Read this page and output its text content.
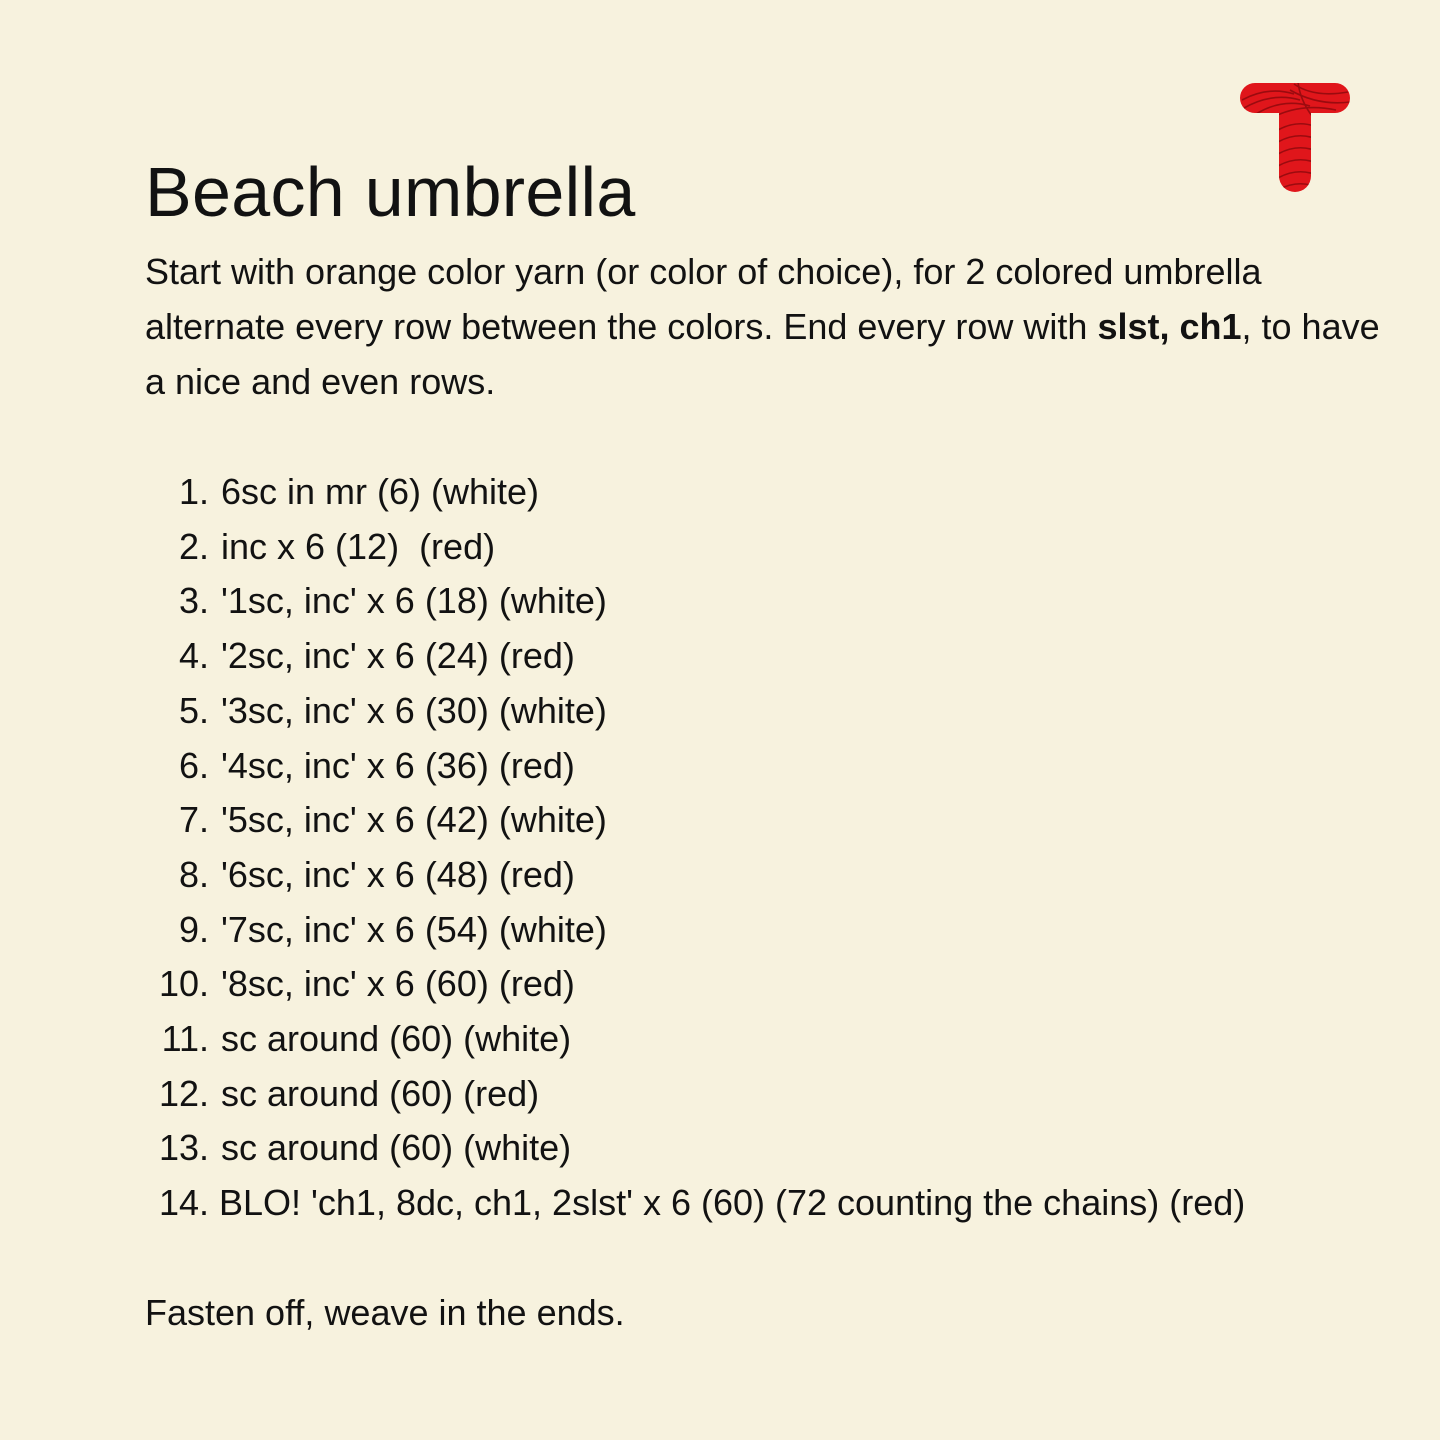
Beach umbrella

Start with orange color yarn (or color of choice), for 2 colored umbrella alternate every row between the colors. End every row with slst, ch1, to have a nice and even rows.

1. 6sc in mr (6) (white)
2. inc x 6 (12)  (red)
3. '1sc, inc' x 6 (18) (white)
4. '2sc, inc' x 6 (24) (red)
5. '3sc, inc' x 6 (30) (white)
6. '4sc, inc' x 6 (36) (red)
7. '5sc, inc' x 6 (42) (white)
8. '6sc, inc' x 6 (48) (red)
9. '7sc, inc' x 6 (54) (white)
10. '8sc, inc' x 6 (60) (red)
11. sc around (60) (white)
12. sc around (60) (red)
13. sc around (60) (white)
14. BLO! 'ch1, 8dc, ch1, 2slst' x 6 (60) (72 counting the chains) (red)

Fasten off, weave in the ends.
